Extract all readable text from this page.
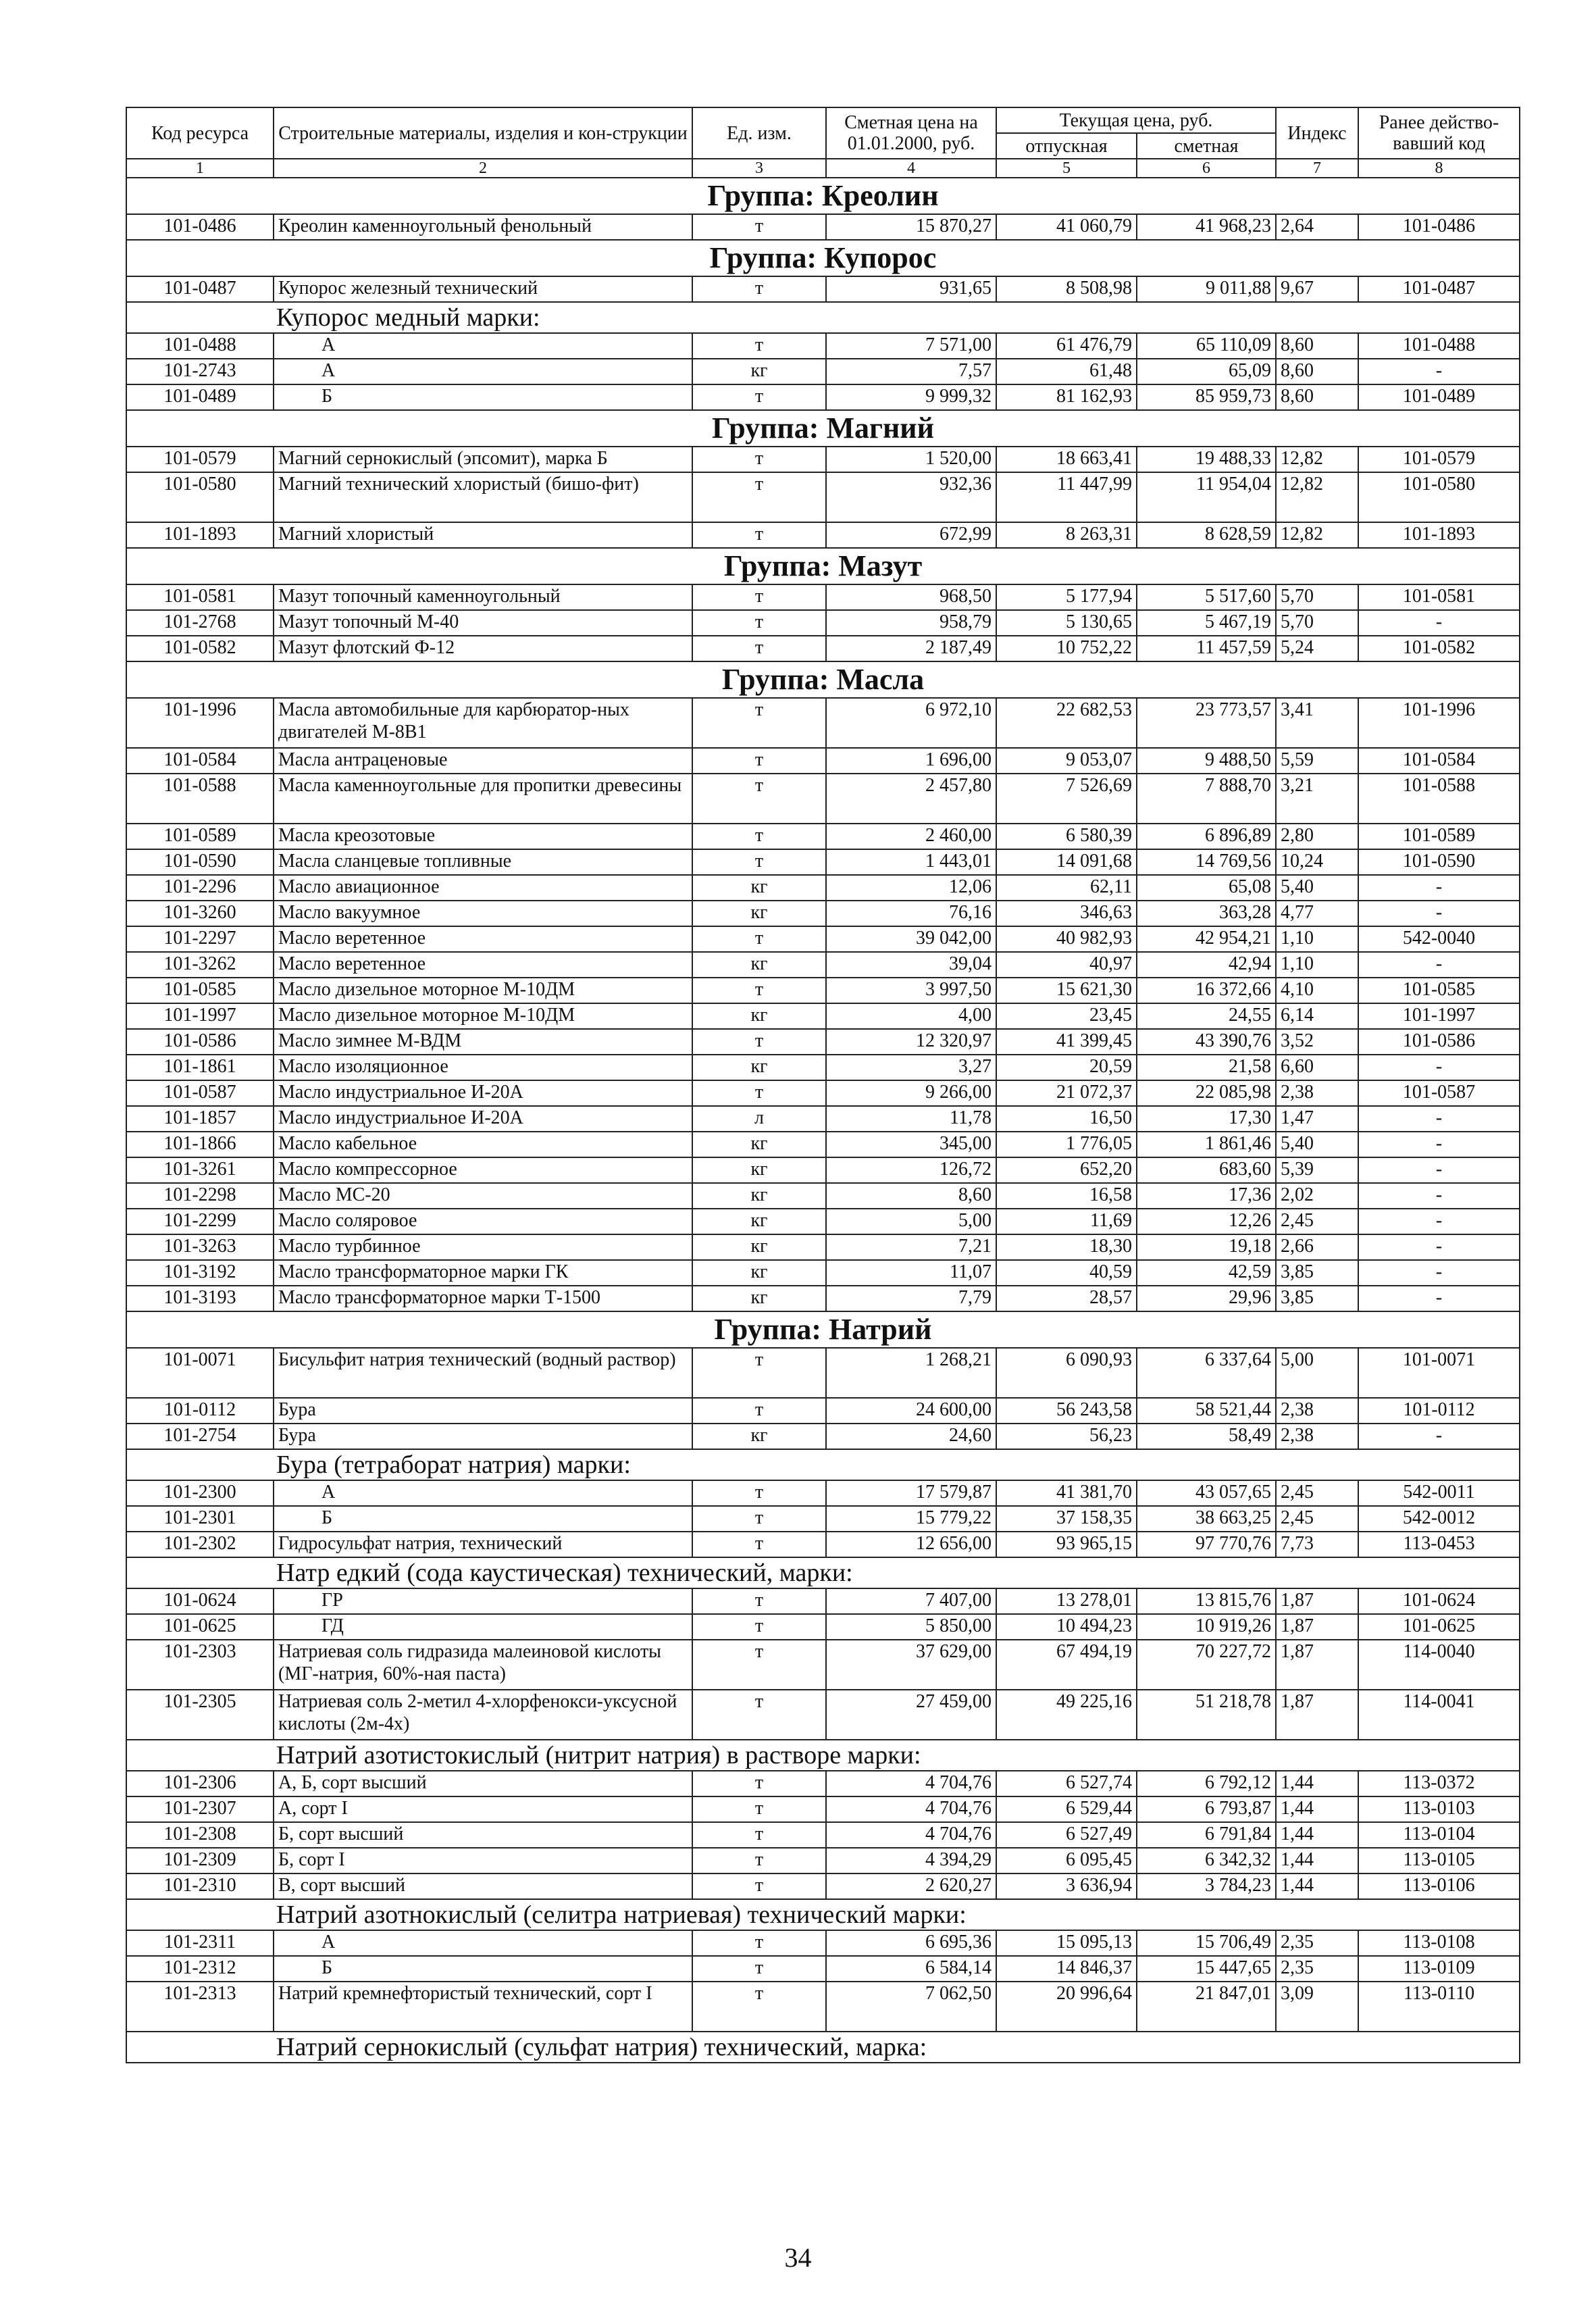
Код ресурса	Строительные материалы, изделия и кон-струкции	Ед. изм.	Сметная цена на 01.01.2000, руб.	Текущая цена, руб.		Индекс	Ранее действо-вавший код
				отпускная	сметная		
1	2	3	4	5	6	7	8
Группа: Креолин							
101-0486	Креолин каменноугольный фенольный	т	15 870,27	41 060,79	41 968,23	2,64	101-0486
Группа: Купорос							
101-0487	Купорос железный технический	т	931,65	8 508,98	9 011,88	9,67	101-0487
	Купорос медный марки:						
101-0488	А	т	7 571,00	61 476,79	65 110,09	8,60	101-0488
101-2743	А	кг	7,57	61,48	65,09	8,60	-
101-0489	Б	т	9 999,32	81 162,93	85 959,73	8,60	101-0489
Группа: Магний							
101-0579	Магний сернокислый (эпсомит), марка Б	т	1 520,00	18 663,41	19 488,33	12,82	101-0579
101-0580	Магний технический хлористый (бишо-фит)	т	932,36	11 447,99	11 954,04	12,82	101-0580
101-1893	Магний хлористый	т	672,99	8 263,31	8 628,59	12,82	101-1893
Группа: Мазут							
101-0581	Мазут топочный каменноугольный	т	968,50	5 177,94	5 517,60	5,70	101-0581
101-2768	Мазут топочный М-40	т	958,79	5 130,65	5 467,19	5,70	-
101-0582	Мазут флотский Ф-12	т	2 187,49	10 752,22	11 457,59	5,24	101-0582
Группа: Масла							
101-1996	Масла автомобильные для карбюратор-ных двигателей М-8В1	т	6 972,10	22 682,53	23 773,57	3,41	101-1996
101-0584	Масла антраценовые	т	1 696,00	9 053,07	9 488,50	5,59	101-0584
101-0588	Масла каменноугольные для пропитки древесины	т	2 457,80	7 526,69	7 888,70	3,21	101-0588
101-0589	Масла креозотовые	т	2 460,00	6 580,39	6 896,89	2,80	101-0589
101-0590	Масла сланцевые топливные	т	1 443,01	14 091,68	14 769,56	10,24	101-0590
101-2296	Масло авиационное	кг	12,06	62,11	65,08	5,40	-
101-3260	Масло вакуумное	кг	76,16	346,63	363,28	4,77	-
101-2297	Масло веретенное	т	39 042,00	40 982,93	42 954,21	1,10	542-0040
101-3262	Масло веретенное	кг	39,04	40,97	42,94	1,10	-
101-0585	Масло дизельное моторное М-10ДМ	т	3 997,50	15 621,30	16 372,66	4,10	101-0585
101-1997	Масло дизельное моторное М-10ДМ	кг	4,00	23,45	24,55	6,14	101-1997
101-0586	Масло зимнее М-ВДМ	т	12 320,97	41 399,45	43 390,76	3,52	101-0586
101-1861	Масло изоляционное	кг	3,27	20,59	21,58	6,60	-
101-0587	Масло индустриальное И-20А	т	9 266,00	21 072,37	22 085,98	2,38	101-0587
101-1857	Масло индустриальное И-20А	л	11,78	16,50	17,30	1,47	-
101-1866	Масло кабельное	кг	345,00	1 776,05	1 861,46	5,40	-
101-3261	Масло компрессорное	кг	126,72	652,20	683,60	5,39	-
101-2298	Масло МС-20	кг	8,60	16,58	17,36	2,02	-
101-2299	Масло соляровое	кг	5,00	11,69	12,26	2,45	-
101-3263	Масло турбинное	кг	7,21	18,30	19,18	2,66	-
101-3192	Масло трансформаторное марки ГК	кг	11,07	40,59	42,59	3,85	-
101-3193	Масло трансформаторное марки Т-1500	кг	7,79	28,57	29,96	3,85	-
Группа: Натрий							
101-0071	Бисульфит натрия технический (водный раствор)	т	1 268,21	6 090,93	6 337,64	5,00	101-0071
101-0112	Бура	т	24 600,00	56 243,58	58 521,44	2,38	101-0112
101-2754	Бура	кг	24,60	56,23	58,49	2,38	-
	Бура (тетраборат натрия) марки:						
101-2300	А	т	17 579,87	41 381,70	43 057,65	2,45	542-0011
101-2301	Б	т	15 779,22	37 158,35	38 663,25	2,45	542-0012
101-2302	Гидросульфат натрия, технический	т	12 656,00	93 965,15	97 770,76	7,73	113-0453
	Натр едкий (сода каустическая) технический, марки:						
101-0624	ГР	т	7 407,00	13 278,01	13 815,76	1,87	101-0624
101-0625	ГД	т	5 850,00	10 494,23	10 919,26	1,87	101-0625
101-2303	Натриевая соль гидразида малеиновой кислоты (МГ-натрия, 60%-ная паста)	т	37 629,00	67 494,19	70 227,72	1,87	114-0040
101-2305	Натриевая соль 2-метил 4-хлорфенокси-уксусной кислоты (2м-4х)	т	27 459,00	49 225,16	51 218,78	1,87	114-0041
	Натрий азотистокислый (нитрит натрия) в растворе марки:						
101-2306	А, Б, сорт высший	т	4 704,76	6 527,74	6 792,12	1,44	113-0372
101-2307	А, сорт I	т	4 704,76	6 529,44	6 793,87	1,44	113-0103
101-2308	Б, сорт высший	т	4 704,76	6 527,49	6 791,84	1,44	113-0104
101-2309	Б, сорт I	т	4 394,29	6 095,45	6 342,32	1,44	113-0105
101-2310	В, сорт высший	т	2 620,27	3 636,94	3 784,23	1,44	113-0106
	Натрий азотнокислый (селитра натриевая) технический марки:						
101-2311	А	т	6 695,36	15 095,13	15 706,49	2,35	113-0108
101-2312	Б	т	6 584,14	14 846,37	15 447,65	2,35	113-0109
101-2313	Натрий кремнефтористый технический, сорт I	т	7 062,50	20 996,64	21 847,01	3,09	113-0110
	Натрий сернокислый (сульфат натрия) технический, марка:						
34
